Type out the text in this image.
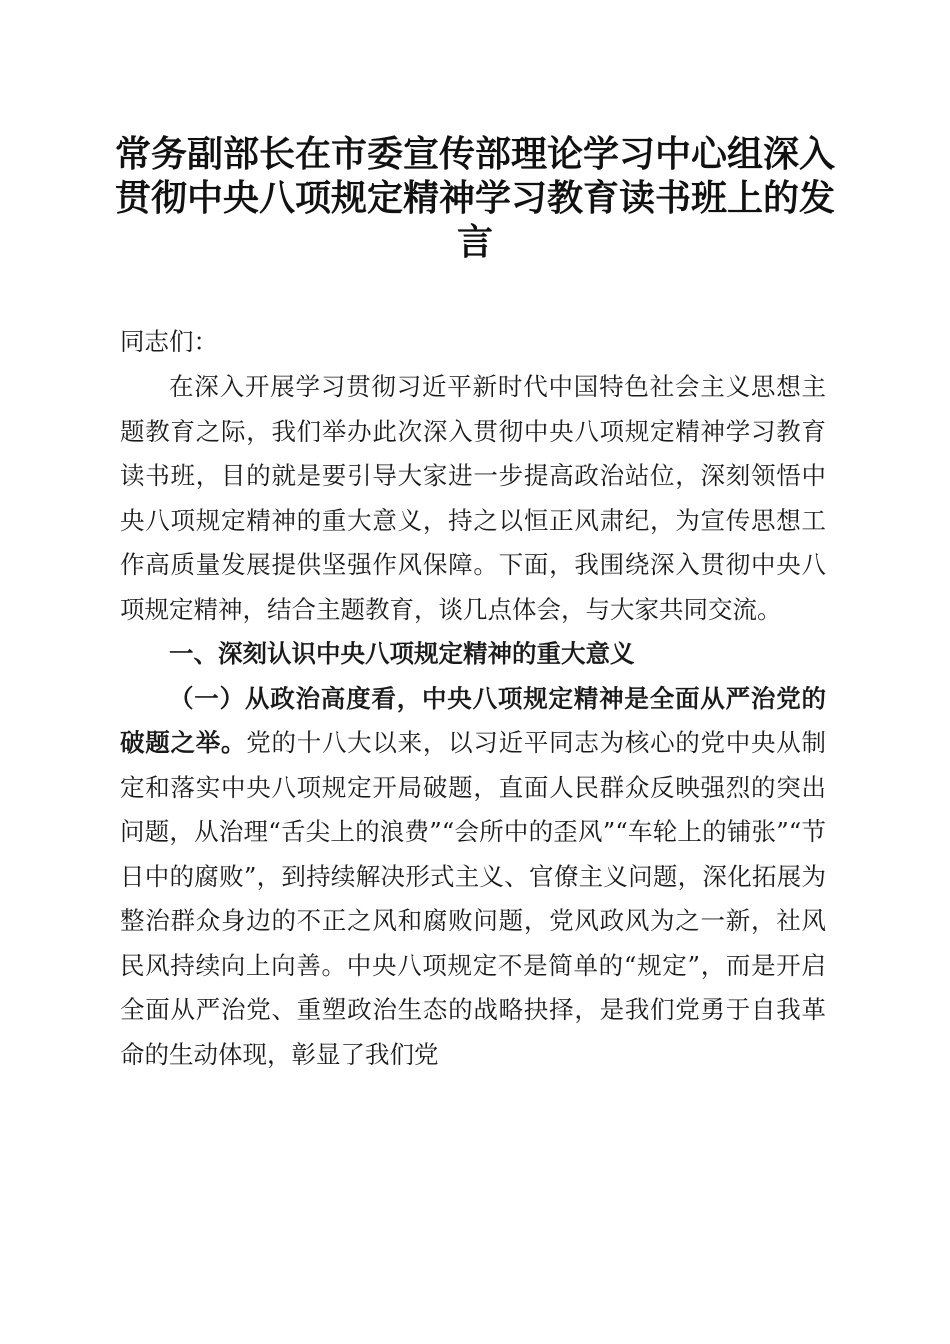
常务副部长在市委宣传部理论学习中心组深入贯彻中央八项规定精神学习教育读书班上的发言

同志们：

在深入开展学习贯彻习近平新时代中国特色社会主义思想主题教育之际，我们举办此次深入贯彻中央八项规定精神学习教育读书班，目的就是要引导大家进一步提高政治站位，深刻领悟中央八项规定精神的重大意义，持之以恒正风肃纪，为宣传思想工作高质量发展提供坚强作风保障。下面，我围绕深入贯彻中央八项规定精神，结合主题教育，谈几点体会，与大家共同交流。

一、深刻认识中央八项规定精神的重大意义

（一）从政治高度看，中央八项规定精神是全面从严治党的破题之举。党的十八大以来，以习近平同志为核心的党中央从制定和落实中央八项规定开局破题，直面人民群众反映强烈的突出问题，从治理“舌尖上的浪费”“会所中的歪风”“车轮上的铺张”“节日中的腐败”，到持续解决形式主义、官僚主义问题，深化拓展为整治群众身边的不正之风和腐败问题，党风政风为之一新，社风民风持续向上向善。中央八项规定不是简单的“规定”，而是开启全面从严治党、重塑政治生态的战略抉择，是我们党勇于自我革命的生动体现，彰显了我们党
